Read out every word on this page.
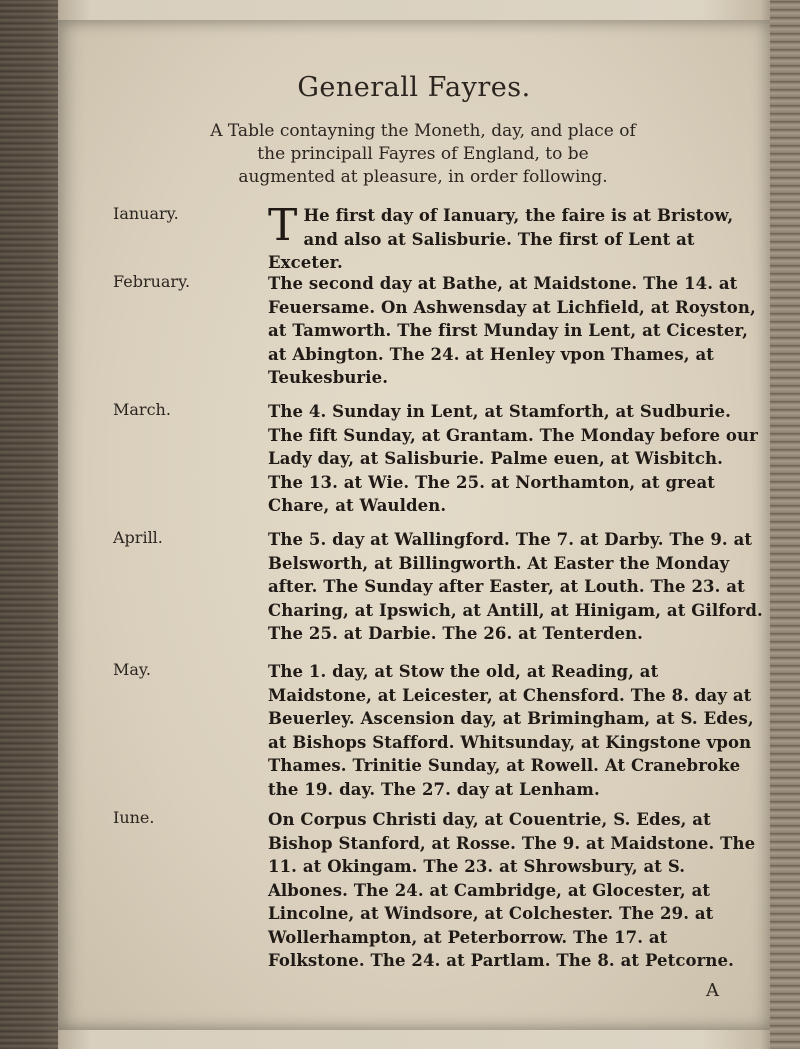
Generall Fayres.
A Table contayning the Moneth, day, and place of the principall Fayres of England, to be augmented at pleasure, in order following.
Ianuary.	T He first day of Ianuary, the faire is at Bristow, and also at Salisburie. The first of Lent at Exceter.
February.	The second day at Bathe, at Maidstone. The 14. at Feuersame. On Ashwensday at Lichfield, at Royston, at Tamworth. The first Munday in Lent, at Cicester, at Abington. The 24. at Henley vpon Thames, at Teukesburie.
March.	The 4. Sunday in Lent, at Stamforth, at Sudburie. The fift Sunday, at Grantam. The Monday before our Lady day, at Salisburie. Palme euen, at Wisbitch. The 13. at Wie. The 25. at Northamton, at great Chare, at Waulden.
Aprill.	The 5. day at Wallingford. The 7. at Darby. The 9. at Belsworth, at Billingworth. At Easter the Monday after. The Sunday after Easter, at Louth. The 23. at Charing, at Ipswich, at Antill, at Hinigam, at Gilford. The 25. at Darbie. The 26. at Tenterden.
May.	The 1. day, at Stow the old, at Reading, at Maidstone, at Leicester, at Chensford. The 8. day at Beuerley. Ascension day, at Brimingham, at S. Edes, at Bishops Stafford. Whitsunday, at Kingstone vpon Thames. Trinitie Sunday, at Rowell. At Cranebroke the 19. day. The 27. day at Lenham.
Iune.	On Corpus Christi day, at Couentrie, S. Edes, at Bishop Stanford, at Rosse. The 9. at Maidstone. The 11. at Okingam. The 23. at Shrowsbury, at S. Albones. The 24. at Cambridge, at Glocester, at Lincolne, at Windsore, at Colchester. The 29. at Wollerhampton, at Peterborrow. The 17. at Folkstone. The 24. at Partlam. The 8. at Petcorne.
A
